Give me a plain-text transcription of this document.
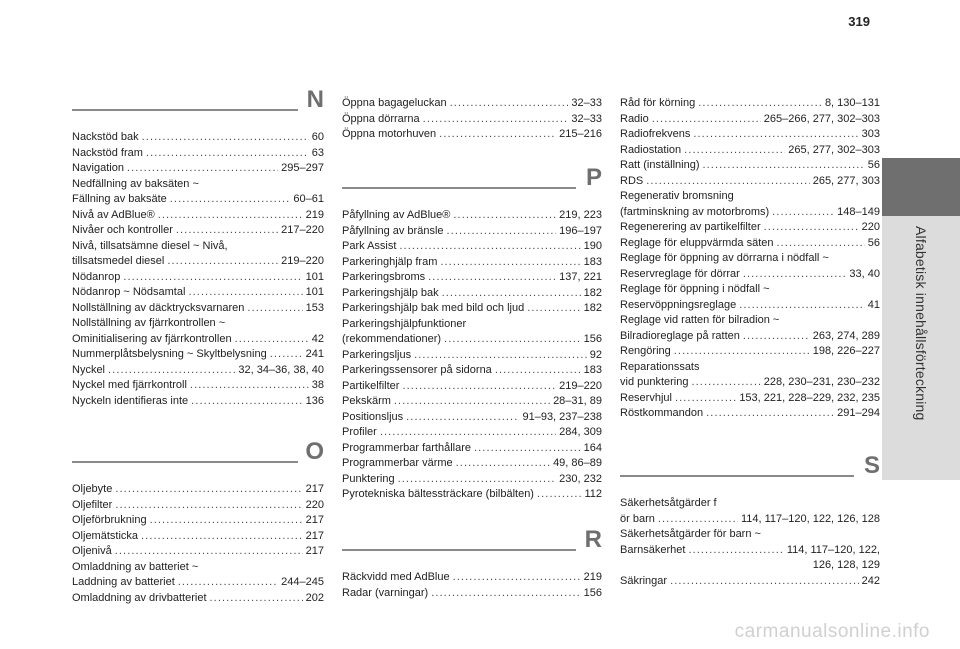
319
Alfabetisk innehållsförteckning
N
Nackstöd bak .....	60
Nackstöd fram .....	63
Navigation .....	295–297
Nedfällning av baksäten ~
Fällning av baksäte .....	60–61
Nivå av AdBlue® .....	219
Nivåer och kontroller .....	217–220
Nivå, tillsatsämne diesel ~ Nivå,
tillsatsmedel diesel .....	219–220
Nödanrop .....	101
Nödanrop ~ Nödsamtal .....	101
Nollställning av däcktrycksvarnaren .....	153
Nollställning av fjärrkontrollen ~
Ominitialisering av fjärrkontrollen .....	42
Nummerplåtsbelysning ~ Skyltbelysning .....	241
Nyckel .....	32, 34–36, 38, 40
Nyckel med fjärrkontroll .....	38
Nyckeln identifieras inte .....	136
O
Oljebyte .....	217
Oljefilter .....	220
Oljeförbrukning .....	217
Oljemätsticka .....	217
Oljenivå .....	217
Omladdning av batteriet ~
Laddning av batteriet .....	244–245
Omladdning av drivbatteriet .....	202
Öppna bagageluckan .....	32–33
Öppna dörrarna .....	32–33
Öppna motorhuven .....	215–216
P
Påfyllning av AdBlue® .....	219, 223
Påfyllning av bränsle .....	196–197
Park Assist .....	190
Parkeringhjälp fram .....	183
Parkeringsbroms .....	137, 221
Parkeringshjälp bak .....	182
Parkeringshjälp bak med bild och ljud .....	182
Parkeringshjälpfunktioner
(rekommendationer) .....	156
Parkeringsljus .....	92
Parkeringssensorer på sidorna .....	183
Partikelfilter .....	219–220
Pekskärm .....	28–31, 89
Positionsljus .....	91–93, 237–238
Profiler .....	284, 309
Programmerbar farthållare .....	164
Programmerbar värme .....	49, 86–89
Punktering .....	230, 232
Pyrotekniska bältessträckare (bilbälten) .....	112
R
Räckvidd med AdBlue .....	219
Radar (varningar) .....	156
Råd för körning .....	8, 130–131
Radio .....	265–266, 277, 302–303
Radiofrekvens .....	303
Radiostation .....	265, 277, 302–303
Ratt (inställning) .....	56
RDS .....	265, 277, 303
Regenerativ bromsning
(fartminskning av motorbroms) .....	148–149
Regenerering av partikelfilter .....	220
Reglage för eluppvärmda säten .....	56
Reglage för öppning av dörrarna i nödfall ~
Reservreglage för dörrar .....	33, 40
Reglage för öppning i nödfall ~
Reservöppningsreglage .....	41
Reglage vid ratten för bilradion ~
Bilradioreglage på ratten .....	263, 274, 289
Rengöring .....	198, 226–227
Reparationssats
vid punktering .....	228, 230–231, 230–232
Reservhjul .....	153, 221, 228–229, 232, 235
Röstkommandon .....	291–294
S
Säkerhetsåtgärder f
ör barn .....	114, 117–120, 122, 126, 128
Säkerhetsåtgärder för barn ~
Barnsäkerhet .....	114, 117–120, 122,
126, 128, 129
Säkringar .....	242
carmanualsonline.info
